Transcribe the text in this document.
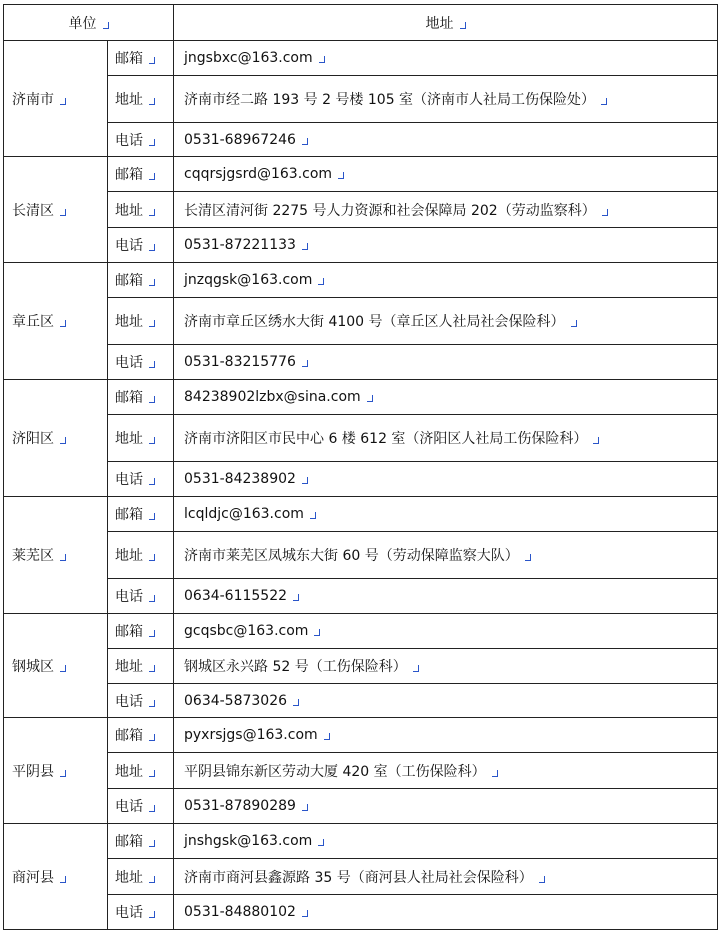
单位		地址
济南市	邮箱	jngsbxc@163.com
	地址	济南市经二路 193 号 2 号楼 105 室（济南市人社局工伤保险处）
	电话	0531-68967246
长清区	邮箱	cqqrsjgsrd@163.com
	地址	长清区清河街 2275 号人力资源和社会保障局 202（劳动监察科）
	电话	0531-87221133
章丘区	邮箱	jnzqgsk@163.com
	地址	济南市章丘区绣水大街 4100 号（章丘区人社局社会保险科）
	电话	0531-83215776
济阳区	邮箱	84238902lzbx@sina.com
	地址	济南市济阳区市民中心 6 楼 612 室（济阳区人社局工伤保险科）
	电话	0531-84238902
莱芜区	邮箱	lcqldjc@163.com
	地址	济南市莱芜区凤城东大街 60 号（劳动保障监察大队）
	电话	0634-6115522
钢城区	邮箱	gcqsbc@163.com
	地址	钢城区永兴路 52 号（工伤保险科）
	电话	0634-5873026
平阴县	邮箱	pyxrsjgs@163.com
	地址	平阴县锦东新区劳动大厦 420 室（工伤保险科）
	电话	0531-87890289
商河县	邮箱	jnshgsk@163.com
	地址	济南市商河县鑫源路 35 号（商河县人社局社会保险科）
	电话	0531-84880102
